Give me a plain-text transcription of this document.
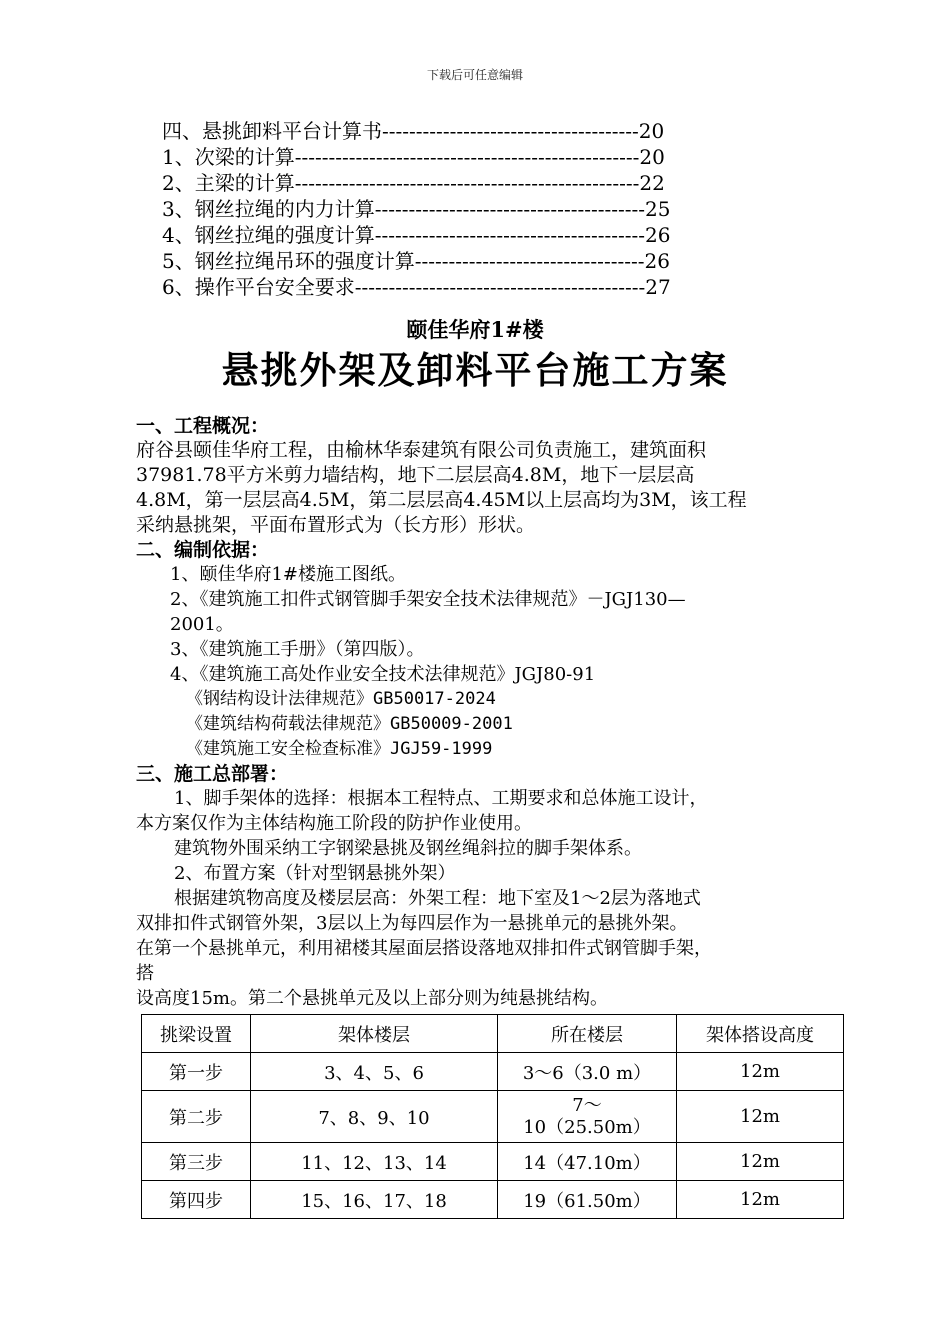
下载后可任意编辑
四、悬挑卸料平台计算书--------------------------------------20
1、次梁的计算---------------------------------------------------20
2、主梁的计算---------------------------------------------------22
3、钢丝拉绳的内力计算----------------------------------------25
4、钢丝拉绳的强度计算----------------------------------------26
5、钢丝拉绳吊环的强度计算----------------------------------26
6、操作平台安全要求-------------------------------------------27
颐佳华府1#楼
悬挑外架及卸料平台施工方案
一、工程概况：
府谷县颐佳华府工程，由榆林华泰建筑有限公司负责施工，建筑面积
37981.78平方米剪力墙结构，地下二层层高4.8M，地下一层层高
4.8M，第一层层高4.5M，第二层层高4.45M以上层高均为3M，该工程
采纳悬挑架，平面布置形式为（长方形）形状。
二、编制依据：
1、颐佳华府1#楼施工图纸。
2、《建筑施工扣件式钢管脚手架安全技术法律规范》－JGJ130—
2001。
3、《建筑施工手册》（第四版）。
4、《建筑施工高处作业安全技术法律规范》JGJ80-91
《钢结构设计法律规范》GB50017-2024
《建筑结构荷载法律规范》GB50009-2001
《建筑施工安全检查标准》JGJ59-1999
三、施工总部署：
1、脚手架体的选择：根据本工程特点、工期要求和总体施工设计，
本方案仅作为主体结构施工阶段的防护作业使用。
建筑物外围采纳工字钢梁悬挑及钢丝绳斜拉的脚手架体系。
2、布置方案（针对型钢悬挑外架）
根据建筑物高度及楼层层高：外架工程：地下室及1～2层为落地式
双排扣件式钢管外架，3层以上为每四层作为一悬挑单元的悬挑外架。
在第一个悬挑单元，利用裙楼其屋面层搭设落地双排扣件式钢管脚手架，
搭
设高度15m。第二个悬挑单元及以上部分则为纯悬挑结构。
挑梁设置	架体楼层	所在楼层	架体搭设高度
第一步	3、4、5、6	3～6（3.0 m）	12m
第二步	7、8、9、10	7～
10（25.50m）	12m
第三步	11、12、13、14	14（47.10m）	12m
第四步	15、16、17、18	19（61.50m）	12m
